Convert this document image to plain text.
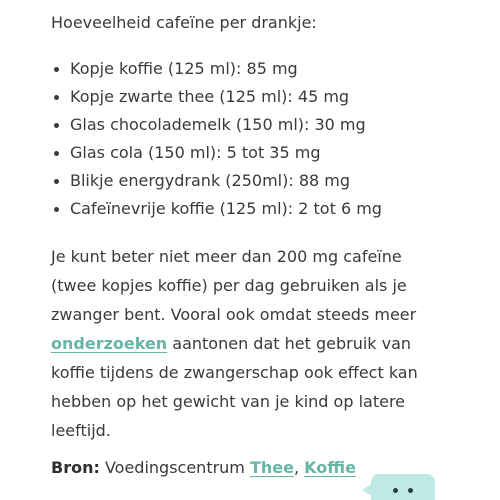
Hoeveelheid cafeïne per drankje:

Kopje koffie (125 ml): 85 mg
Kopje zwarte thee (125 ml): 45 mg
Glas chocolademelk (150 ml): 30 mg
Glas cola (150 ml): 5 tot 35 mg
Blikje energydrank (250ml): 88 mg
Cafeïnevrije koffie (125 ml): 2 tot 6 mg

Je kunt beter niet meer dan 200 mg cafeïne
(twee kopjes koffie) per dag gebruiken als je
zwanger bent. Vooral ook omdat steeds meer
onderzoeken aantonen dat het gebruik van
koffie tijdens de zwangerschap ook effect kan
hebben op het gewicht van je kind op latere
leeftijd.

Bron: Voedingscentrum Thee, Koffie
